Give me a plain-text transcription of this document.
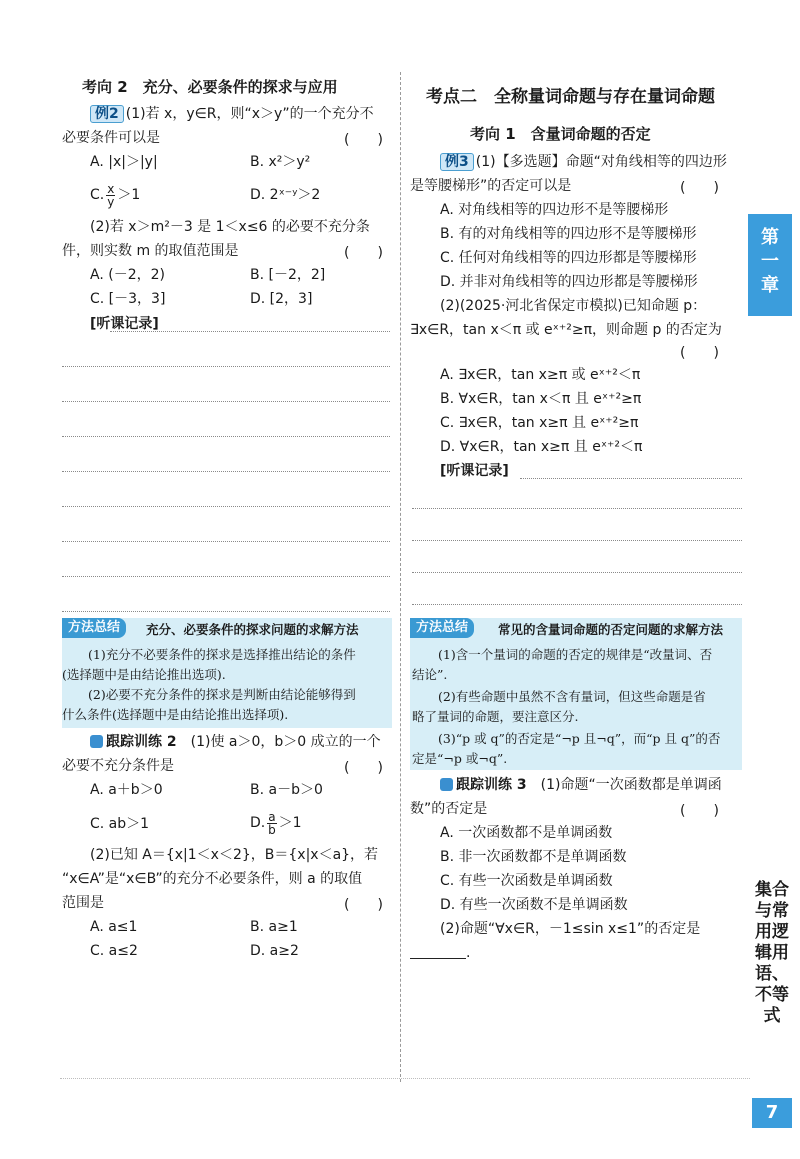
考向 2　充分、必要条件的探求与应用
例2 (1)若 x，y∈R，则“x＞y”的一个充分不
必要条件可以是	(　　)
A. |x|＞|y|	B. x²＞y²
C. $\frac{x}{y} >1$	D. 2ˣ⁻ʸ＞2
(2)若 x＞m²－3 是 1＜x≤6 的必要不充分条
件，则实数 m 的取值范围是	(　　)
A. (－2，2)	B. [－2，2]
C. [－3，3]	D. [2，3]
[听课记录]
方法总结	充分、必要条件的探求问题的求解方法
(1)充分不必要条件的探求是选择推出结论的条件
(选择题中是由结论推出选项).
(2)必要不充分条件的探求是判断由结论能够得到
什么条件(选择题中是由结论推出选择项).
跟踪训练 2　 (1)使 a＞0，b＞0 成立的一个
必要不充分条件是	(　　)
A. a＋b＞0	B. a－b＞0
C. ab＞1	D. $\frac{a}{b} >1$
(2)已知 A＝{x|1＜x＜2}，B＝{x|x＜a}，若
“x∈A”是“x∈B”的充分不必要条件，则 a 的取值
范围是	(　　)
A. a≤1	B. a≥1
C. a≤2	D. a≥2
考点二　全称量词命题与存在量词命题
考向 1　含量词命题的否定
例3 (1)【多选题】命题“对角线相等的四边形
是等腰梯形”的否定可以是	(　　)
A. 对角线相等的四边形不是等腰梯形
B. 有的对角线相等的四边形不是等腰梯形
C. 任何对角线相等的四边形都是等腰梯形
D. 并非对角线相等的四边形都是等腰梯形
(2)(2025·河北省保定市模拟)已知命题 p：
∃x∈R，tan x＜π 或 eˣ⁺²≥π，则命题 p 的否定为
(　　)
A. ∃x∈R，tan x≥π 或 eˣ⁺²＜π
B. ∀x∈R，tan x＜π 且 eˣ⁺²≥π
C. ∃x∈R，tan x≥π 且 eˣ⁺²≥π
D. ∀x∈R，tan x≥π 且 eˣ⁺²＜π
[听课记录]
方法总结	常见的含量词命题的否定问题的求解方法
(1)含一个量词的命题的否定的规律是“改量词、否
结论”.
(2)有些命题中虽然不含有量词，但这些命题是省
略了量词的命题，要注意区分.
(3)“p 或 q”的否定是“¬p 且¬q”，而“p 且 q”的否
定是“¬p 或¬q”.
跟踪训练 3　 (1)命题“一次函数都是单调函
数”的否定是	(　　)
A. 一次函数都不是单调函数
B. 非一次函数都不是单调函数
C. 有些一次函数是单调函数
D. 有些一次函数不是单调函数
(2)命题“∀x∈R，－1≤sin x≤1”的否定是
.
第一章
集合与常用逻辑用语、不等式
7
